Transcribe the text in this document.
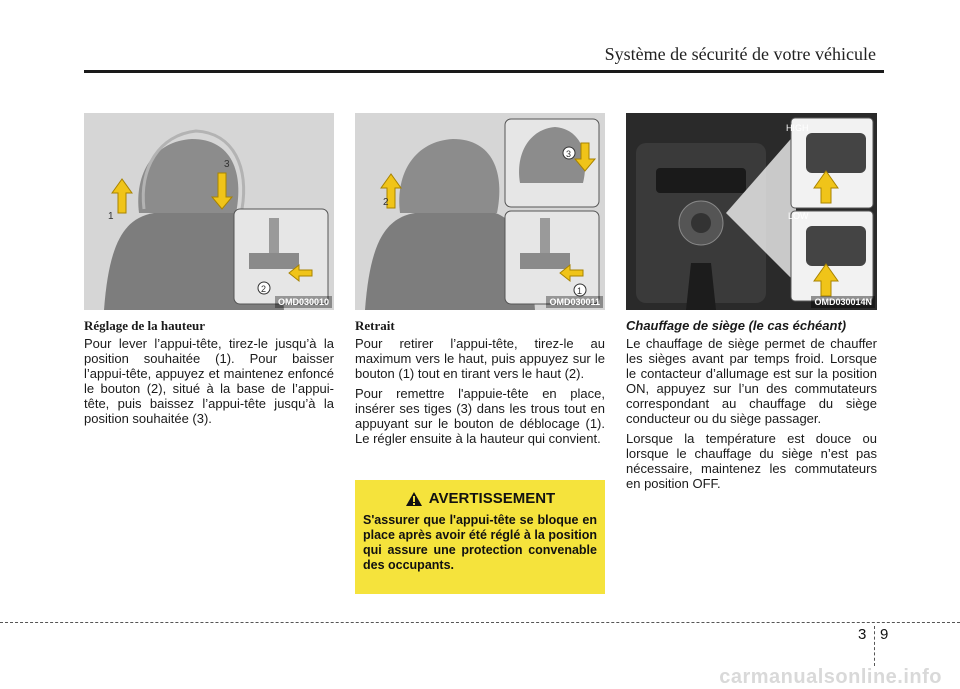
Système de sécurité de votre véhicule
1
3
2
OMD030010
2
3
1
OMD030011
HIGH
LOW
OMD030014N
Réglage de la hauteur

Pour lever l’appui-tête, tirez-le jusqu’à la position souhaitée (1). Pour baisser l’appui-tête, appuyez et maintenez enfoncé le bouton (2), situé à la base de l’appui-tête, puis baissez l’appui-tête jusqu’à la position souhaitée (3).

Retrait

Pour retirer l’appui-tête, tirez-le au maximum vers le haut, puis appuyez sur le bouton (1) tout en tirant vers le haut (2).

Pour remettre l'appuie-tête en place, insérer ses tiges (3) dans les trous tout en appuyant sur le bouton de déblocage (1). Le régler ensuite à la hauteur qui convient.

AVERTISSEMENT
S'assurer que l'appui-tête se bloque en place après avoir été réglé à la position qui assure une protection convenable des occupants.
Chauffage de siège (le cas échéant)

Le chauffage de siège permet de chauffer les sièges avant par temps froid. Lorsque le contacteur d’allumage est sur la position ON, appuyez sur l’un des commutateurs correspondant au chauffage du siège conducteur ou du siège passager.

Lorsque la température est douce ou lorsque le chauffage du siège n’est pas nécessaire, maintenez les commutateurs en position OFF.

3 9
carmanualsonline.info
